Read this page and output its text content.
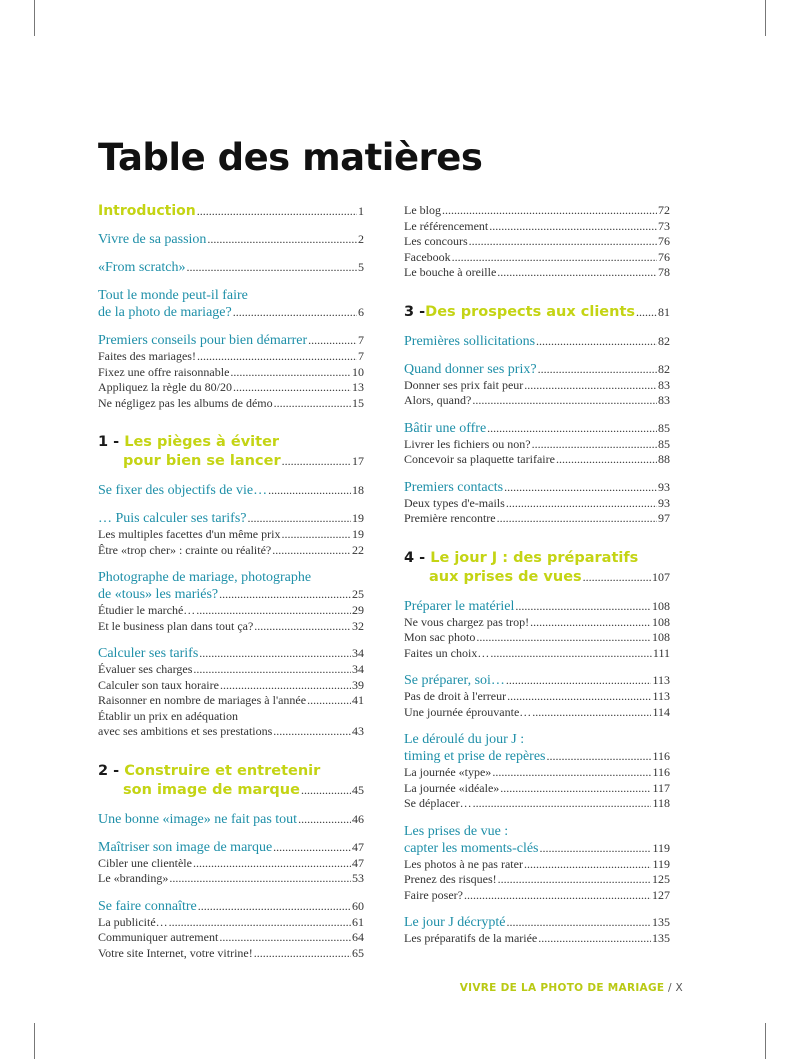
Table des matières
Introduction .....	1
Vivre de sa passion .....	2
«From scratch» .....	5
Tout le monde peut-il faire
de la photo de mariage? .....	6
Premiers conseils pour bien démarrer .....	7
Faites des mariages! .....	7
Fixez une offre raisonnable .....	10
Appliquez la règle du 80/20 .....	13
Ne négligez pas les albums de démo .....	15
1 - Les pièges à éviter
pour bien se lancer .....	17
Se fixer des objectifs de vie… .....	18
… Puis calculer ses tarifs? .....	19
Les multiples facettes d'un même prix .....	19
Être «trop cher» : crainte ou réalité? .....	22
Photographe de mariage, photographe
de «tous» les mariés? .....	25
Étudier le marché… .....	29
Et le business plan dans tout ça? .....	32
Calculer ses tarifs .....	34
Évaluer ses charges .....	34
Calculer son taux horaire .....	39
Raisonner en nombre de mariages à l'année .....	41
Établir un prix en adéquation
avec ses ambitions et ses prestations .....	43
2 - Construire et entretenir
son image de marque .....	45
Une bonne «image» ne fait pas tout .....	46
Maîtriser son image de marque .....	47
Cibler une clientèle .....	47
Le «branding» .....	53
Se faire connaître .....	60
La publicité… .....	61
Communiquer autrement .....	64
Votre site Internet, votre vitrine! .....	65
Le blog .....	72
Le référencement .....	73
Les concours .....	76
Facebook .....	76
Le bouche à oreille .....	78
3 - Des prospects aux clients ..... 81
Premières sollicitations .....	82
Quand donner ses prix? .....	82
Donner ses prix fait peur .....	83
Alors, quand? .....	83
Bâtir une offre .....	85
Livrer les fichiers ou non? .....	85
Concevoir sa plaquette tarifaire .....	88
Premiers contacts .....	93
Deux types d'e-mails .....	93
Première rencontre .....	97
4 - Le jour J : des préparatifs
aux prises de vues .....	107
Préparer le matériel .....	108
Ne vous chargez pas trop! .....	108
Mon sac photo .....	108
Faites un choix… .....	111
Se préparer, soi… .....	113
Pas de droit à l'erreur .....	113
Une journée éprouvante… .....	114
Le déroulé du jour J :
timing et prise de repères .....	116
La journée «type» .....	116
La journée «idéale» .....	117
Se déplacer… .....	118
Les prises de vue :
capter les moments-clés .....	119
Les photos à ne pas rater .....	119
Prenez des risques! .....	125
Faire poser? .....	127
Le jour J décrypté .....	135
Les préparatifs de la mariée .....	135
VIVRE DE LA PHOTO DE MARIAGE / X
